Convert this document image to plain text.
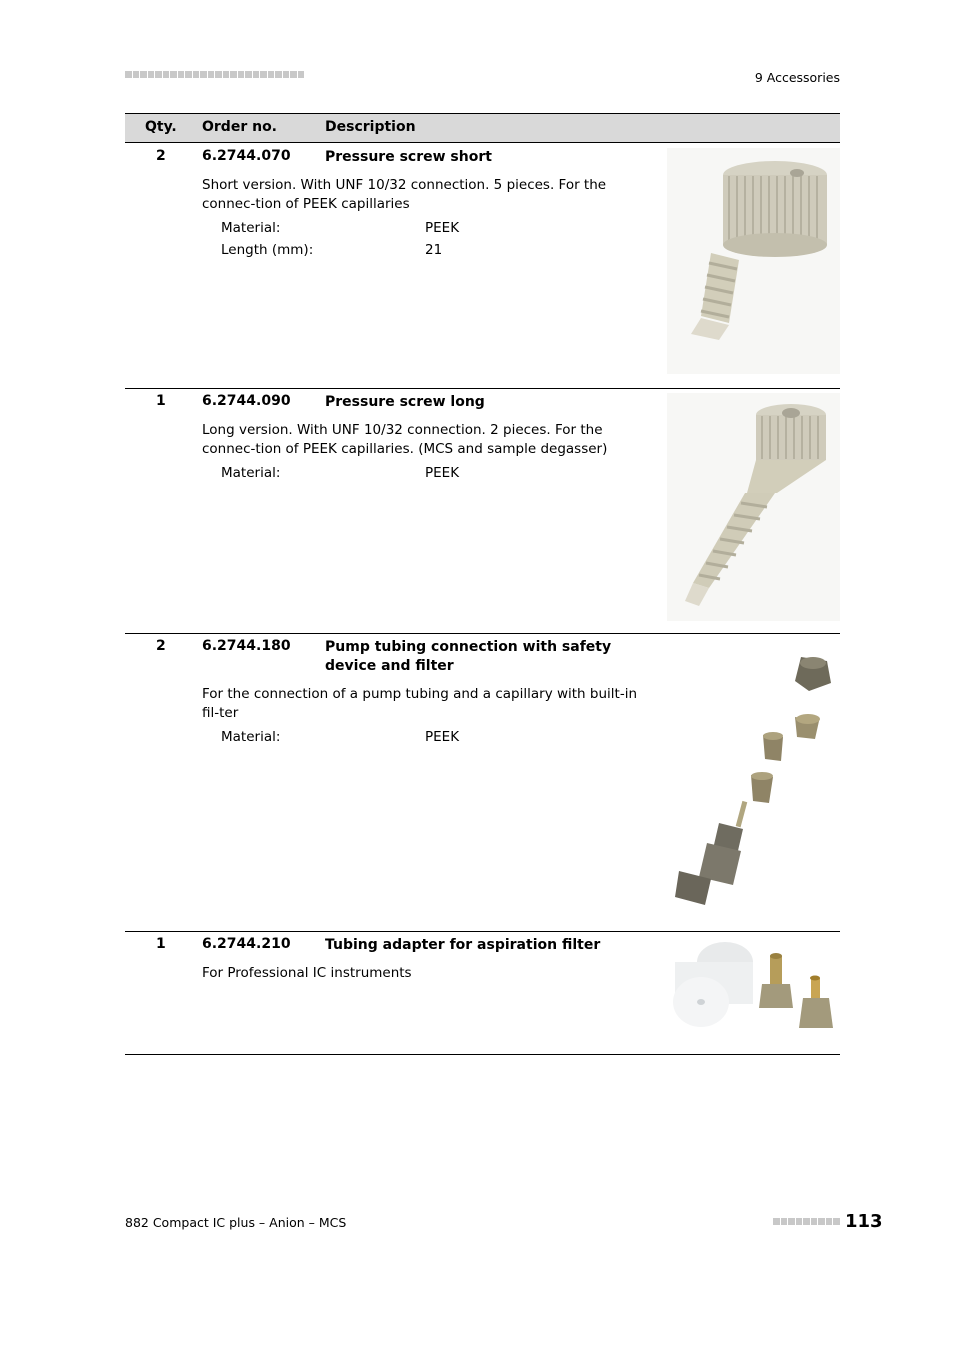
9 Accessories
Qty. Order no.	Description
2	6.2744.070 Pressure screw short
Short version. With UNF 10/32 connection. 5 pieces. For the connec-tion of PEEK capillaries
Material:	PEEK
Length (mm):	21
1	6.2744.090 Pressure screw long
Long version. With UNF 10/32 connection. 2 pieces. For the connec-tion of PEEK capillaries. (MCS and sample degasser)
Material:	PEEK
2	6.2744.180 Pump tubing connection with safety device and filter
For the connection of a pump tubing and a capillary with built-in fil-ter
Material:	PEEK
1	6.2744.210 Tubing adapter for aspiration filter
For Professional IC instruments
882 Compact IC plus – Anion – MCS	113
